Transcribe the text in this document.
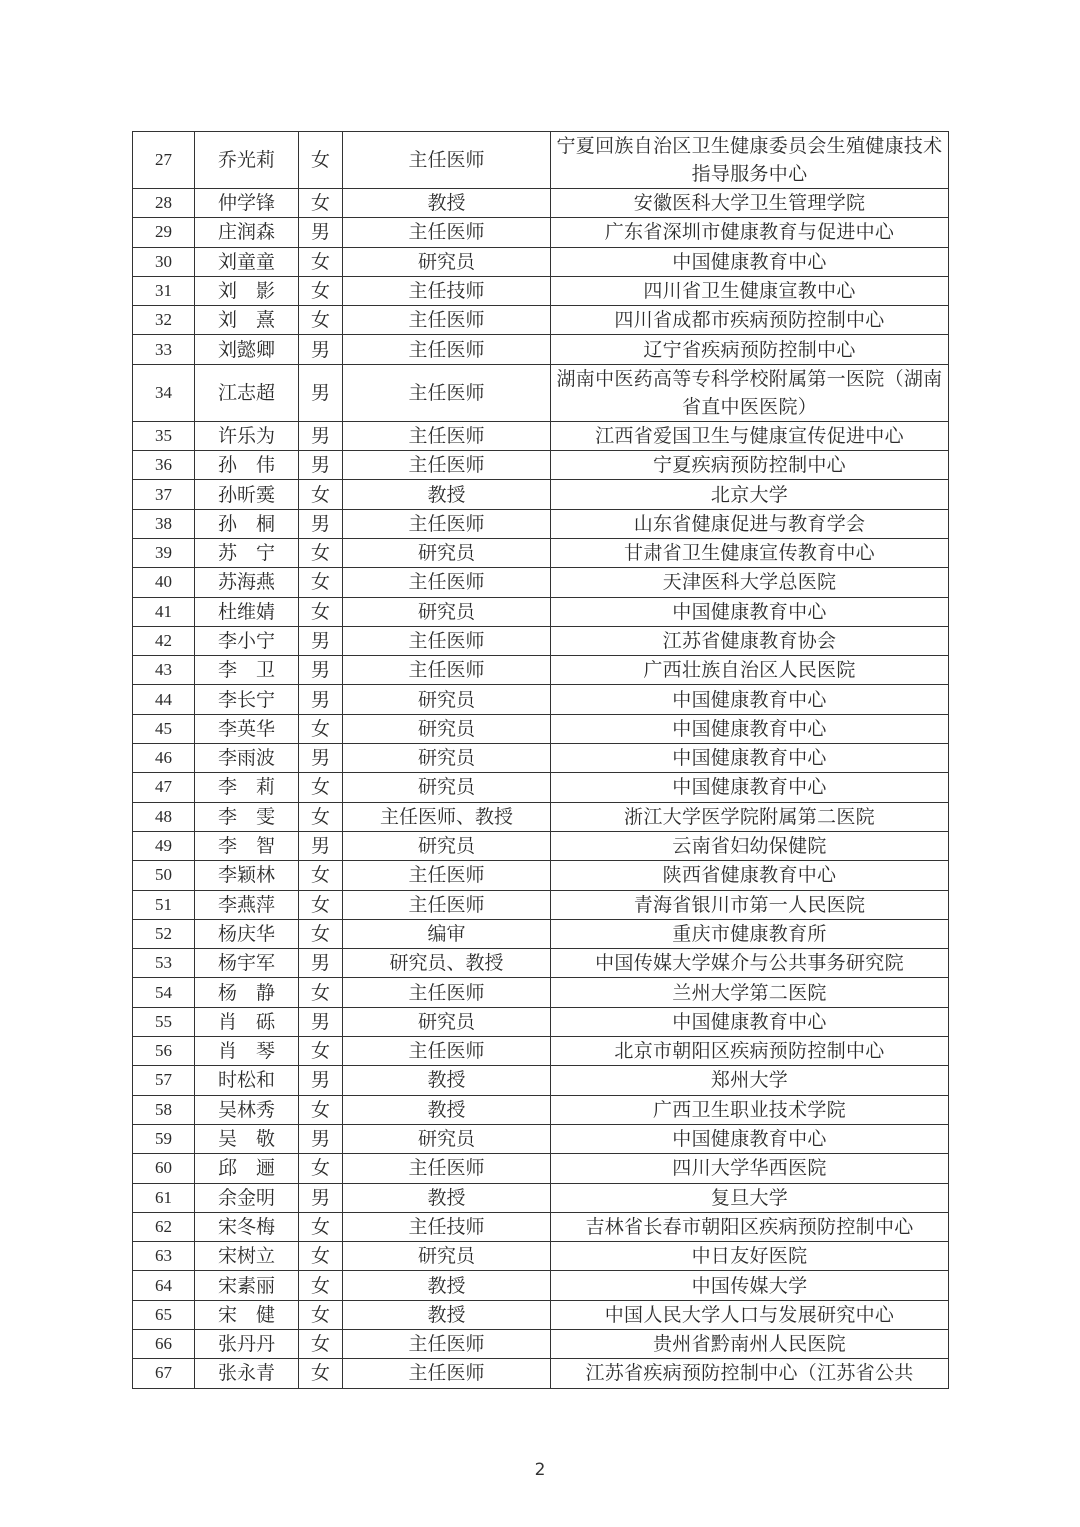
27	乔光莉	女	主任医师	宁夏回族自治区卫生健康委员会生殖健康技术指导服务中心
28	仲学锋	女	教授	安徽医科大学卫生管理学院
29	庄润森	男	主任医师	广东省深圳市健康教育与促进中心
30	刘童童	女	研究员	中国健康教育中心
31	刘　影	女	主任技师	四川省卫生健康宣教中心
32	刘　熹	女	主任医师	四川省成都市疾病预防控制中心
33	刘懿卿	男	主任医师	辽宁省疾病预防控制中心
34	江志超	男	主任医师	湖南中医药高等专科学校附属第一医院（湖南省直中医医院）
35	许乐为	男	主任医师	江西省爱国卫生与健康宣传促进中心
36	孙　伟	男	主任医师	宁夏疾病预防控制中心
37	孙昕霙	女	教授	北京大学
38	孙　桐	男	主任医师	山东省健康促进与教育学会
39	苏　宁	女	研究员	甘肃省卫生健康宣传教育中心
40	苏海燕	女	主任医师	天津医科大学总医院
41	杜维婧	女	研究员	中国健康教育中心
42	李小宁	男	主任医师	江苏省健康教育协会
43	李　卫	男	主任医师	广西壮族自治区人民医院
44	李长宁	男	研究员	中国健康教育中心
45	李英华	女	研究员	中国健康教育中心
46	李雨波	男	研究员	中国健康教育中心
47	李　莉	女	研究员	中国健康教育中心
48	李　雯	女	主任医师、教授	浙江大学医学院附属第二医院
49	李　智	男	研究员	云南省妇幼保健院
50	李颖林	女	主任医师	陕西省健康教育中心
51	李燕萍	女	主任医师	青海省银川市第一人民医院
52	杨庆华	女	编审	重庆市健康教育所
53	杨宇军	男	研究员、教授	中国传媒大学媒介与公共事务研究院
54	杨　静	女	主任医师	兰州大学第二医院
55	肖　砾	男	研究员	中国健康教育中心
56	肖　琴	女	主任医师	北京市朝阳区疾病预防控制中心
57	时松和	男	教授	郑州大学
58	吴林秀	女	教授	广西卫生职业技术学院
59	吴　敬	男	研究员	中国健康教育中心
60	邱　逦	女	主任医师	四川大学华西医院
61	余金明	男	教授	复旦大学
62	宋冬梅	女	主任技师	吉林省长春市朝阳区疾病预防控制中心
63	宋树立	女	研究员	中日友好医院
64	宋素丽	女	教授	中国传媒大学
65	宋　健	女	教授	中国人民大学人口与发展研究中心
66	张丹丹	女	主任医师	贵州省黔南州人民医院
67	张永青	女	主任医师	江苏省疾病预防控制中心（江苏省公共
2
